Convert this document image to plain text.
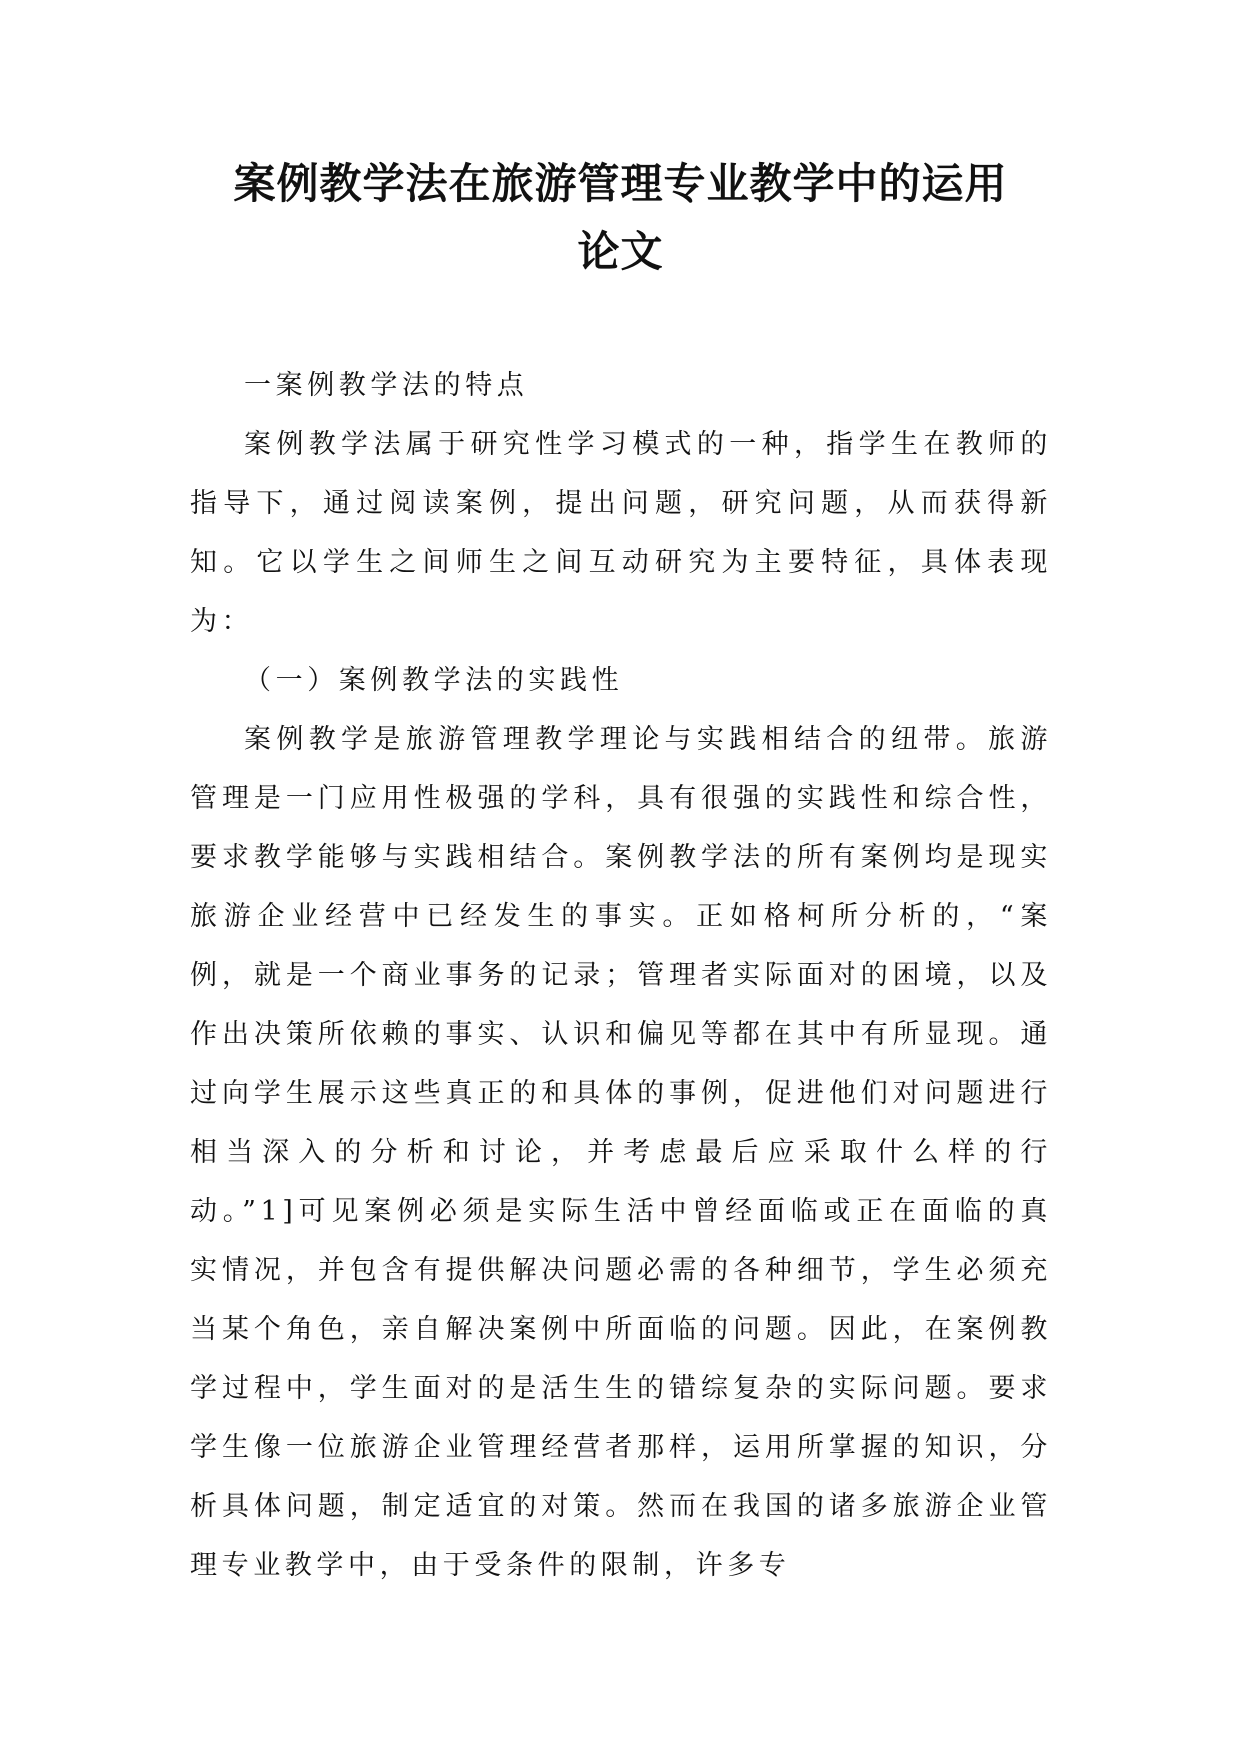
案例教学法在旅游管理专业教学中的运用
论文

一案例教学法的特点

案例教学法属于研究性学习模式的一种，指学生在教师的指导下，通过阅读案例，提出问题，研究问题，从而获得新知。它以学生之间师生之间互动研究为主要特征，具体表现为：

（一）案例教学法的实践性

案例教学是旅游管理教学理论与实践相结合的纽带。旅游管理是一门应用性极强的学科，具有很强的实践性和综合性，要求教学能够与实践相结合。案例教学法的所有案例均是现实旅游企业经营中已经发生的事实。正如格柯所分析的，“案例，就是一个商业事务的记录；管理者实际面对的困境，以及作出决策所依赖的事实、认识和偏见等都在其中有所显现。通过向学生展示这些真正的和具体的事例，促进他们对问题进行相当深入的分析和讨论，并考虑最后应采取什么样的行动。”1]可见案例必须是实际生活中曾经面临或正在面临的真实情况，并包含有提供解决问题必需的各种细节，学生必须充当某个角色，亲自解决案例中所面临的问题。因此，在案例教学过程中，学生面对的是活生生的错综复杂的实际问题。要求学生像一位旅游企业管理经营者那样，运用所掌握的知识，分析具体问题，制定适宜的对策。然而在我国的诸多旅游企业管理专业教学中，由于受条件的限制，许多专
